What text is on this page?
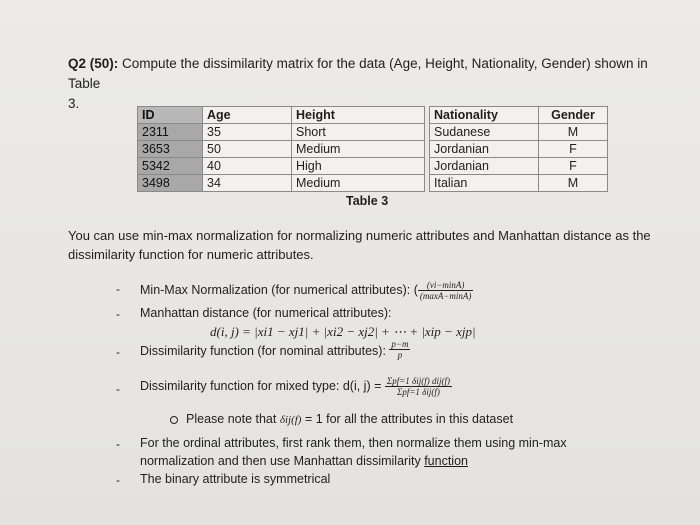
Q2 (50): Compute the dissimilarity matrix for the data (Age, Height, Nationality, Gender) shown in Table
3.
ID	Age	Height		Nationality	Gender
2311	35	Short		Sudanese	M
3653	50	Medium		Jordanian	F
5342	40	High		Jordanian	F
3498	34	Medium		Italian	M
Table 3
You can use min-max normalization for normalizing numeric attributes and Manhattan distance as the
dissimilarity function for numeric attributes.
- Min-Max Normalization (for numerical attributes): ( $\frac{(vi-\min A)}{(\max A-\min A)}$
- Manhattan distance (for numerical attributes):
d(i, j) = |xi1 − xj1| + |xi2 − xj2| + ⋯ + |xip − xjp|
- Dissimilarity function (for nominal attributes): $\frac{p-m}{p}$
- Dissimilarity function for mixed type: d(i, $j) = \frac{\text{Σpf=1 δij(f) dij(f)}}{\text{Σpf=1 δij(f)}}$
Please note that δij(f) = 1 for all the attributes in this dataset
- For the ordinal attributes, first rank them, then normalize them using min-max
normalization and then use Manhattan dissimilarity function
- The binary attribute is symmetrical
